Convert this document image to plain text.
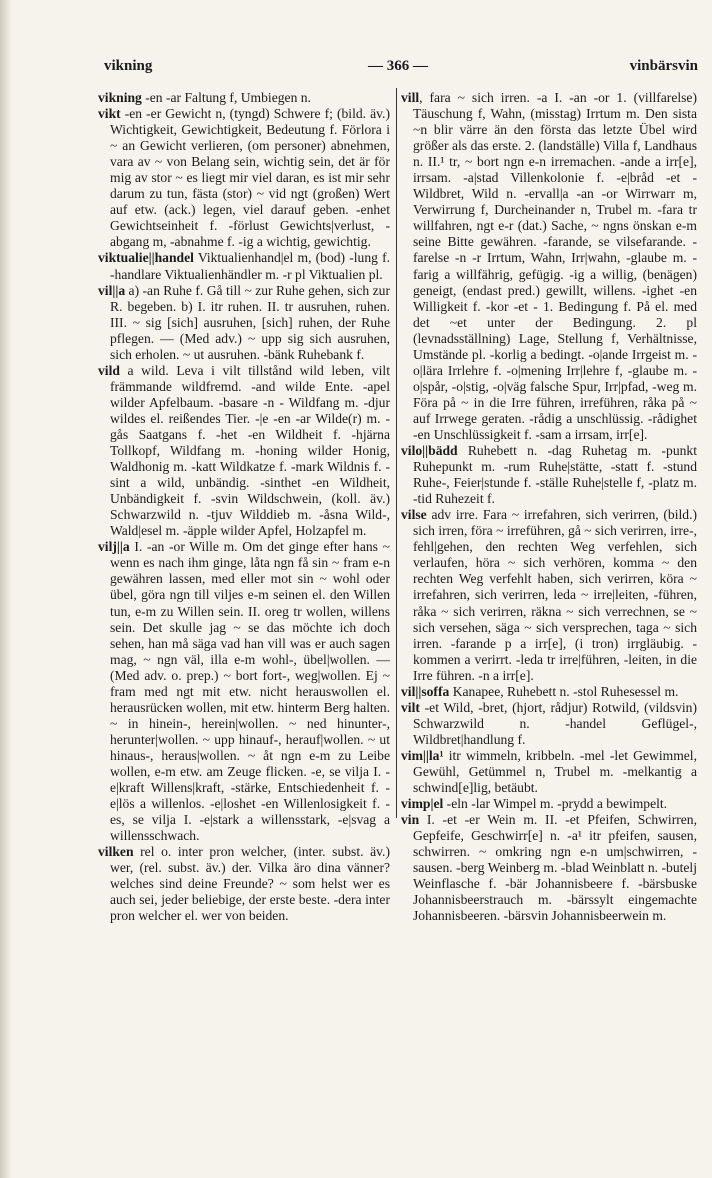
vikning	— 366 —	vinbärsvin

vikning -en -ar Faltung f, Umbiegen n.

vikt -en -er Gewicht n, (tyngd) Schwere f; (bild. äv.) Wichtigkeit, Gewichtigkeit, Bedeutung f. Förlora i ~ an Gewicht verlieren, (om personer) abnehmen, vara av ~ von Belang sein, wichtig sein, det är för mig av stor ~ es liegt mir viel daran, es ist mir sehr darum zu tun, fästa (stor) ~ vid ngt (großen) Wert auf etw. (ack.) legen, viel darauf geben. -enhet Gewichtseinheit f. -förlust Gewichts|verlust, -abgang m, -abnahme f. -ig a wichtig, gewichtig.

viktualie||handel Viktualienhand|el m, (bod) -lung f. -handlare Viktualienhändler m. -r pl Viktualien pl.

vil||a a) -an Ruhe f. Gå till ~ zur Ruhe gehen, sich zur R. begeben. b) I. itr ruhen. II. tr ausruhen, ruhen. III. ~ sig [sich] ausruhen, [sich] ruhen, der Ruhe pflegen. — (Med adv.) ~ upp sig sich ausruhen, sich erholen. ~ ut ausruhen. -bänk Ruhebank f.

vild a wild. Leva i vilt tillstånd wild leben, vilt främmande wildfremd. -and wilde Ente. -apel wilder Apfelbaum. -basare -n - Wildfang m. -djur wildes el. reißendes Tier. -|e -en -ar Wilde(r) m. -gås Saatgans f. -het -en Wildheit f. -hjärna Tollkopf, Wildfang m. -honing wilder Honig, Waldhonig m. -katt Wildkatze f. -mark Wildnis f. -sint a wild, unbändig. -sinthet -en Wildheit, Unbändigkeit f. -svin Wildschwein, (koll. äv.) Schwarzwild n. -tjuv Wilddieb m. -åsna Wild-, Wald|esel m. -äpple wilder Apfel, Holzapfel m.

vilj||a I. -an -or Wille m. Om det ginge efter hans ~ wenn es nach ihm ginge, låta ngn få sin ~ fram e-n gewähren lassen, med eller mot sin ~ wohl oder übel, göra ngn till viljes e-m seinen el. den Willen tun, e-m zu Willen sein. II. oreg tr wollen, willens sein. Det skulle jag ~ se das möchte ich doch sehen, han må säga vad han vill was er auch sagen mag, ~ ngn väl, illa e-m wohl-, übel|wollen. — (Med adv. o. prep.) ~ bort fort-, weg|wollen. Ej ~ fram med ngt mit etw. nicht herauswollen el. herausrücken wollen, mit etw. hinterm Berg halten. ~ in hinein-, herein|wollen. ~ ned hinunter-, herunter|wollen. ~ upp hinauf-, herauf|wollen. ~ ut hinaus-, heraus|wollen. ~ åt ngn e-m zu Leibe wollen, e-m etw. am Zeuge flicken. -e, se vilja I. -e|kraft Willens|kraft, -stärke, Entschiedenheit f. -e|lös a willenlos. -e|loshet -en Willenlosigkeit f. -es, se vilja I. -e|stark a willensstark, -e|svag a willensschwach.

vilken rel o. inter pron welcher, (inter. subst. äv.) wer, (rel. subst. äv.) der. Vilka äro dina vänner? welches sind deine Freunde? ~ som helst wer es auch sei, jeder beliebige, der erste beste. -dera inter pron welcher el. wer von beiden.

vill, fara ~ sich irren. -a I. -an -or 1. (villfarelse) Täuschung f, Wahn, (misstag) Irrtum m. Den sista ~n blir värre än den första das letzte Übel wird größer als das erste. 2. (landställe) Villa f, Landhaus n. II.¹ tr, ~ bort ngn e-n irremachen. -ande a irr[e], irrsam. -a|stad Villenkolonie f. -e|bråd -et - Wildbret, Wild n. -ervall|a -an -or Wirrwarr m, Verwirrung f, Durcheinander n, Trubel m. -fara tr willfahren, ngt e-r (dat.) Sache, ~ ngns önskan e-m seine Bitte gewähren. -farande, se vilsefarande. -farelse -n -r Irrtum, Wahn, Irr|wahn, -glaube m. -farig a willfährig, gefügig. -ig a willig, (benägen) geneigt, (endast pred.) gewillt, willens. -ighet -en Willigkeit f. -kor -et - 1. Bedingung f. På el. med det ~et unter der Bedingung. 2. pl (levnadsställning) Lage, Stellung f, Verhältnisse, Umstände pl. -korlig a bedingt. -o|ande Irrgeist m. -o|lära Irrlehre f. -o|mening Irr|lehre f, -glaube m. -o|spår, -o|stig, -o|väg falsche Spur, Irr|pfad, -weg m. Föra på ~ in die Irre führen, irreführen, råka på ~ auf Irrwege geraten. -rådig a unschlüssig. -rådighet -en Unschlüssigkeit f. -sam a irrsam, irr[e].

vilo||bädd Ruhebett n. -dag Ruhetag m. -punkt Ruhepunkt m. -rum Ruhe|stätte, -statt f. -stund Ruhe-, Feier|stunde f. -ställe Ruhe|stelle f, -platz m. -tid Ruhezeit f.

vilse adv irre. Fara ~ irrefahren, sich verirren, (bild.) sich irren, föra ~ irreführen, gå ~ sich verirren, irre-, fehl|gehen, den rechten Weg verfehlen, sich verlaufen, höra ~ sich verhören, komma ~ den rechten Weg verfehlt haben, sich verirren, köra ~ irrefahren, sich verirren, leda ~ irre|leiten, -führen, råka ~ sich verirren, räkna ~ sich verrechnen, se ~ sich versehen, säga ~ sich versprechen, taga ~ sich irren. -farande p a irr[e], (i tron) irrgläubig. -kommen a verirrt. -leda tr irre|führen, -leiten, in die Irre führen. -n a irr[e].

vil||soffa Kanapee, Ruhebett n. -stol Ruhesessel m.

vilt -et Wild, -bret, (hjort, rådjur) Rotwild, (vildsvin) Schwarzwild n. -handel Geflügel-, Wildbret|handlung f.

vim||la¹ itr wimmeln, kribbeln. -mel -let Gewimmel, Gewühl, Getümmel n, Trubel m. -melkantig a schwind[e]lig, betäubt.

vimp|el -eln -lar Wimpel m. -prydd a bewimpelt.

vin I. -et -er Wein m. II. -et Pfeifen, Schwirren, Gepfeife, Geschwirr[e] n. -a¹ itr pfeifen, sausen, schwirren. ~ omkring ngn e-n um|schwirren, -sausen. -berg Weinberg m. -blad Weinblatt n. -butelj Weinflasche f. -bär Johannisbeere f. -bärsbuske Johannisbeerstrauch m. -bärssylt eingemachte Johannisbeeren. -bärsvin Johannisbeerwein m.
